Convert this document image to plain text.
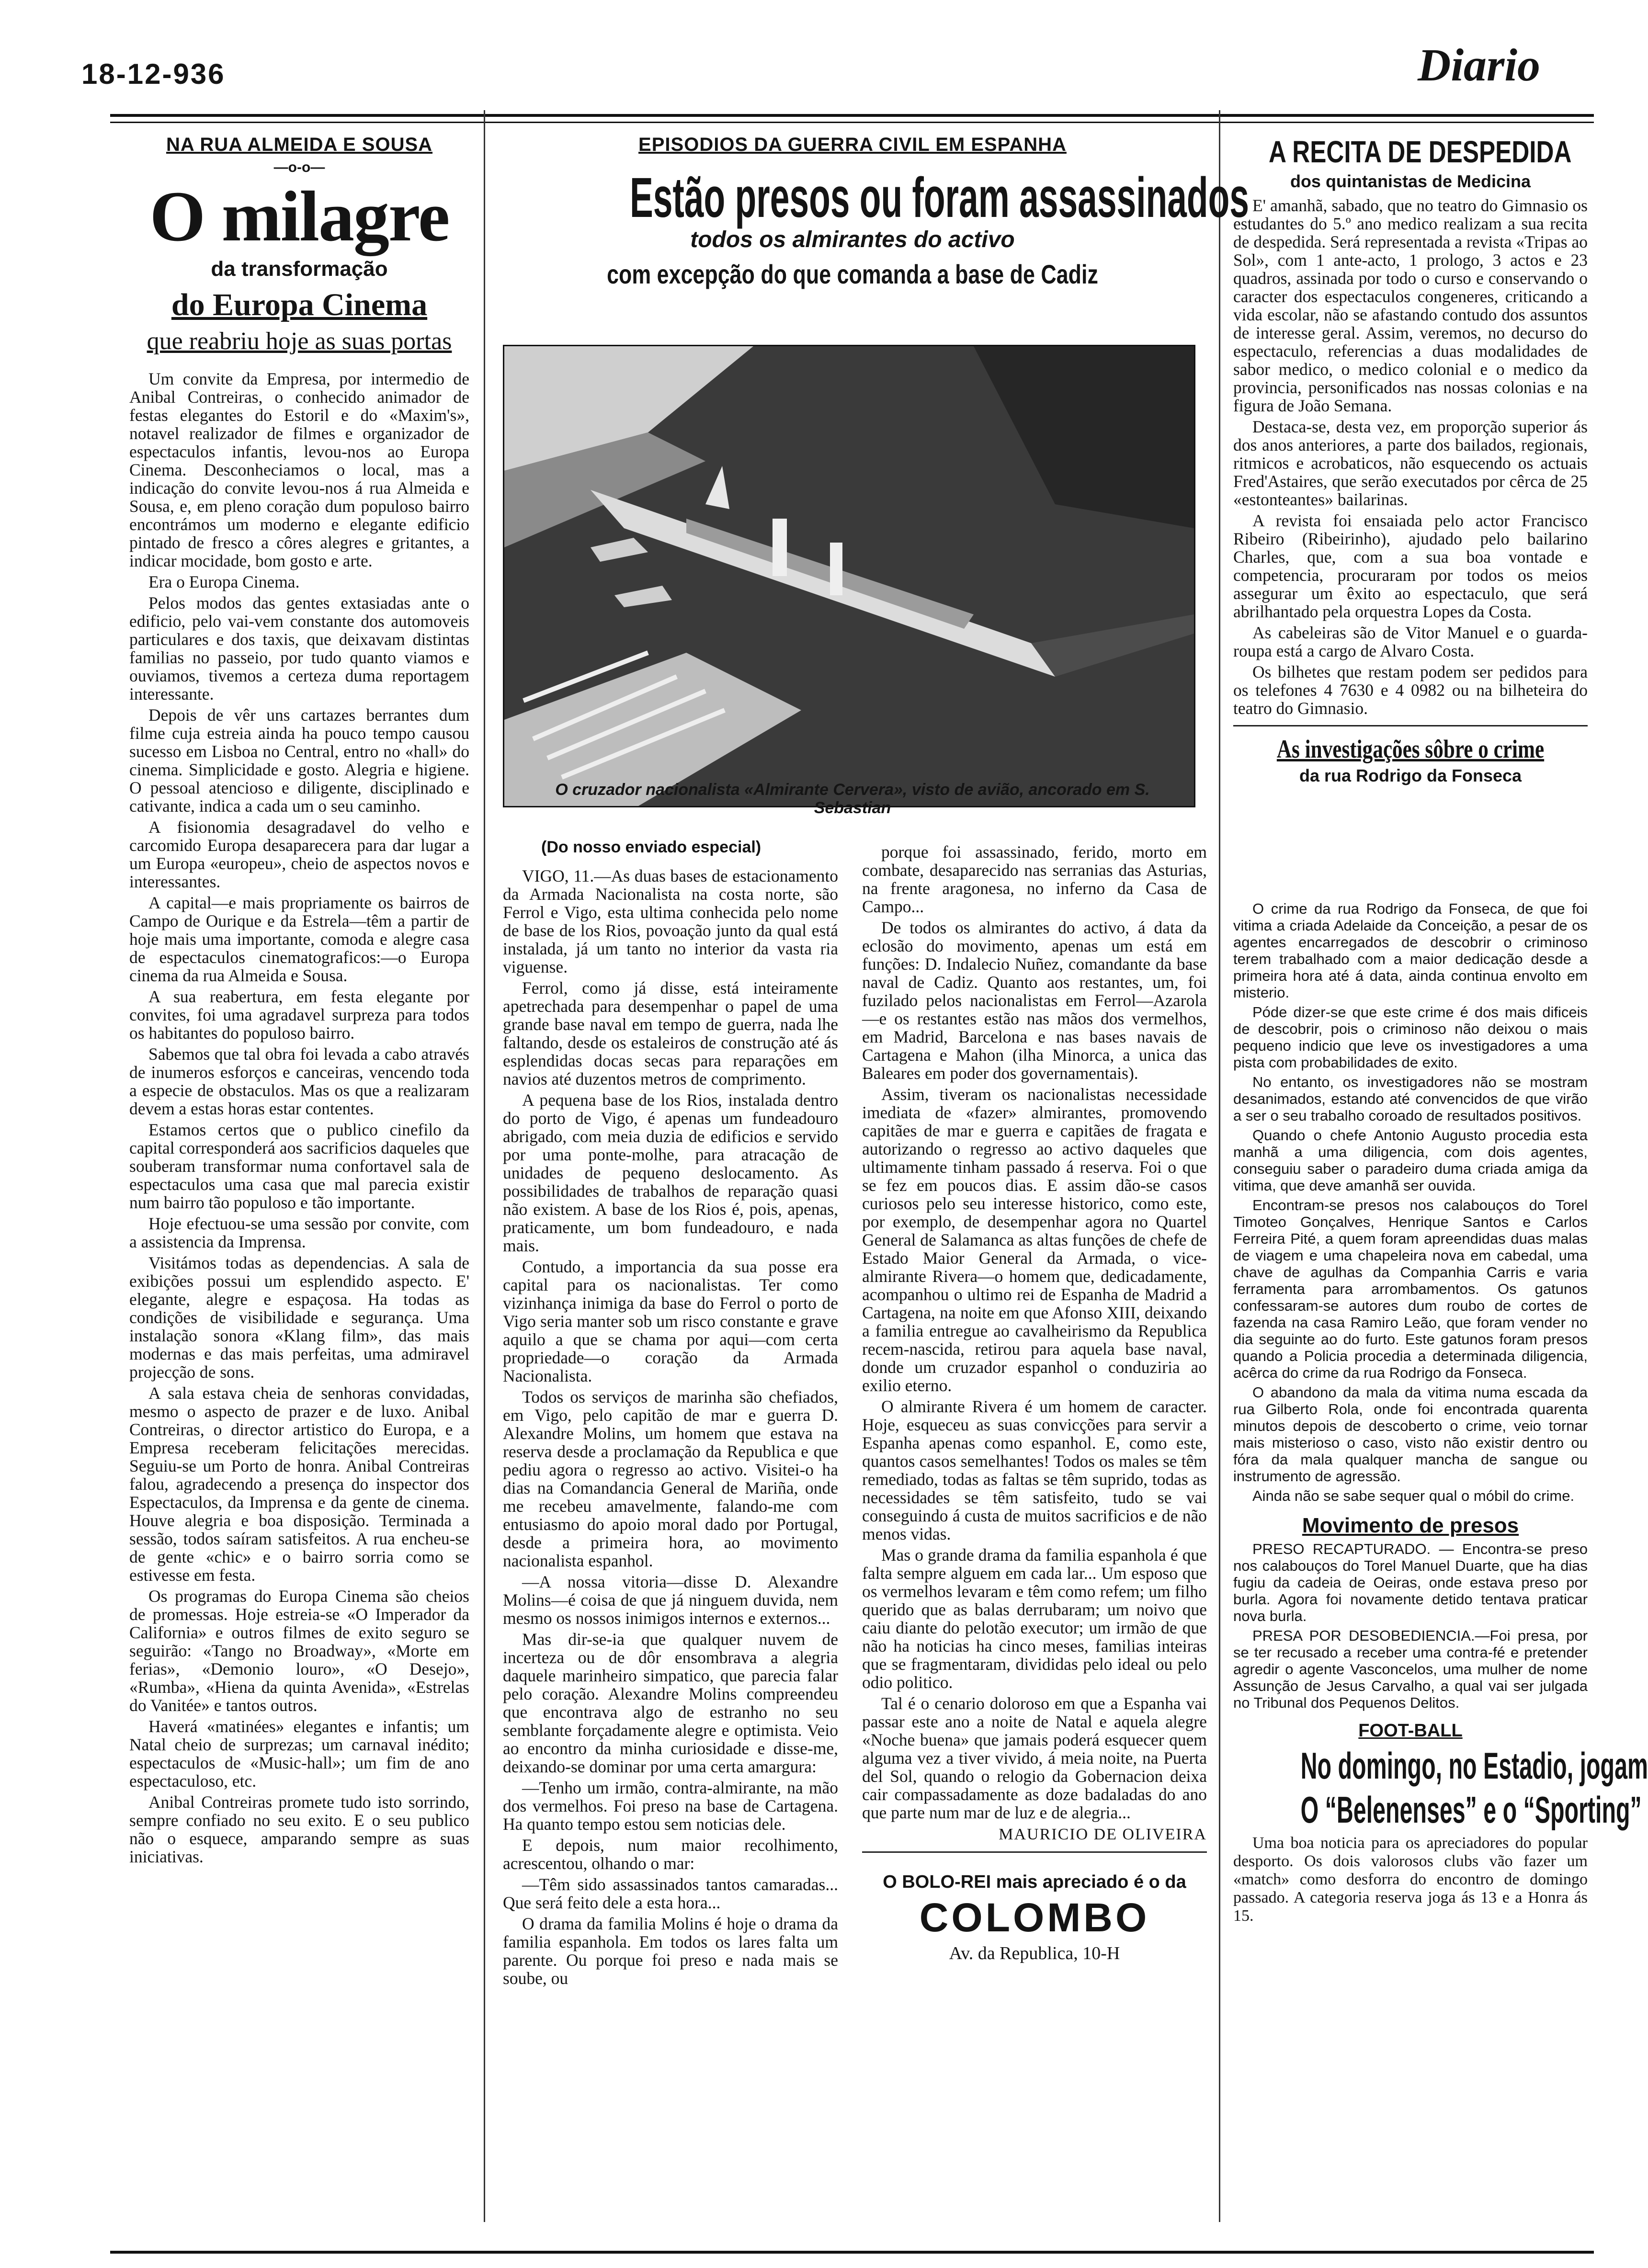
18-12-936	Diario
NA RUA ALMEIDA E SOUSA
—o-o—
O milagre
da transformação
do Europa Cinema
que reabriu hoje as suas portas

Um convite da Empresa, por intermedio de Anibal Contreiras, o conhecido animador de festas elegantes do Estoril e do «Maxim's», notavel realizador de filmes e organizador de espectaculos infantis, levou-nos ao Europa Cinema. Desconheciamos o local, mas a indicação do convite levou-nos á rua Almeida e Sousa, e, em pleno coração dum populoso bairro encontrámos um moderno e elegante edificio pintado de fresco a côres alegres e gritantes, a indicar mocidade, bom gosto e arte.

Era o Europa Cinema.

Pelos modos das gentes extasiadas ante o edificio, pelo vai-vem constante dos automoveis particulares e dos taxis, que deixavam distintas familias no passeio, por tudo quanto viamos e ouviamos, tivemos a certeza duma reportagem interessante.

Depois de vêr uns cartazes berrantes dum filme cuja estreia ainda ha pouco tempo causou sucesso em Lisboa no Central, entro no «hall» do cinema. Simplicidade e gosto. Alegria e higiene. O pessoal atencioso e diligente, disciplinado e cativante, indica a cada um o seu caminho.

A fisionomia desagradavel do velho e carcomido Europa desaparecera para dar lugar a um Europa «europeu», cheio de aspectos novos e interessantes.

A capital—e mais propriamente os bairros de Campo de Ourique e da Estrela—têm a partir de hoje mais uma importante, comoda e alegre casa de espectaculos cinematograficos:—o Europa cinema da rua Almeida e Sousa.

A sua reabertura, em festa elegante por convites, foi uma agradavel surpreza para todos os habitantes do populoso bairro.

Sabemos que tal obra foi levada a cabo através de inumeros esforços e canceiras, vencendo toda a especie de obstaculos. Mas os que a realizaram devem a estas horas estar contentes.

Estamos certos que o publico cinefilo da capital corresponderá aos sacrificios daqueles que souberam transformar numa confortavel sala de espectaculos uma casa que mal parecia existir num bairro tão populoso e tão importante.

Hoje efectuou-se uma sessão por convite, com a assistencia da Imprensa.

Visitámos todas as dependencias. A sala de exibições possui um esplendido aspecto. E' elegante, alegre e espaçosa. Ha todas as condições de visibilidade e segurança. Uma instalação sonora «Klang film», das mais modernas e das mais perfeitas, uma admiravel projecção de sons.

A sala estava cheia de senhoras convidadas, mesmo o aspecto de prazer e de luxo. Anibal Contreiras, o director artistico do Europa, e a Empresa receberam felicitações merecidas. Seguiu-se um Porto de honra. Anibal Contreiras falou, agradecendo a presença do inspector dos Espectaculos, da Imprensa e da gente de cinema. Houve alegria e boa disposição. Terminada a sessão, todos saíram satisfeitos. A rua encheu-se de gente «chic» e o bairro sorria como se estivesse em festa.

Os programas do Europa Cinema são cheios de promessas. Hoje estreia-se «O Imperador da California» e outros filmes de exito seguro se seguirão: «Tango no Broadway», «Morte em ferias», «Demonio louro», «O Desejo», «Rumba», «Hiena da quinta Avenida», «Estrelas do Vanitée» e tantos outros.

Haverá «matinées» elegantes e infantis; um Natal cheio de surprezas; um carnaval inédito; espectaculos de «Music-hall»; um fim de ano espectaculoso, etc.

Anibal Contreiras promete tudo isto sorrindo, sempre confiado no seu exito. E o seu publico não o esquece, amparando sempre as suas iniciativas.

EPISODIOS DA GUERRA CIVIL EM ESPANHA
Estão presos ou foram assassinados
todos os almirantes do activo
com excepção do que comanda a base de Cadiz
O cruzador nacionalista «Almirante Cervera», visto de avião, ancorado em S. Sebastian
(Do nosso enviado especial)

VIGO, 11.—As duas bases de estacionamento da Armada Nacionalista na costa norte, são Ferrol e Vigo, esta ultima conhecida pelo nome de base de los Rios, povoação junto da qual está instalada, já um tanto no interior da vasta ria viguense.

Ferrol, como já disse, está inteiramente apetrechada para desempenhar o papel de uma grande base naval em tempo de guerra, nada lhe faltando, desde os estaleiros de construção até ás esplendidas docas secas para reparações em navios até duzentos metros de comprimento.

A pequena base de los Rios, instalada dentro do porto de Vigo, é apenas um fundeadouro abrigado, com meia duzia de edificios e servido por uma ponte-molhe, para atracação de unidades de pequeno deslocamento. As possibilidades de trabalhos de reparação quasi não existem. A base de los Rios é, pois, apenas, praticamente, um bom fundeadouro, e nada mais.

Contudo, a importancia da sua posse era capital para os nacionalistas. Ter como vizinhança inimiga da base do Ferrol o porto de Vigo seria manter sob um risco constante e grave aquilo a que se chama por aqui—com certa propriedade—o coração da Armada Nacionalista.

Todos os serviços de marinha são chefiados, em Vigo, pelo capitão de mar e guerra D. Alexandre Molins, um homem que estava na reserva desde a proclamação da Republica e que pediu agora o regresso ao activo. Visitei-o ha dias na Comandancia General de Mariña, onde me recebeu amavelmente, falando-me com entusiasmo do apoio moral dado por Portugal, desde a primeira hora, ao movimento nacionalista espanhol.

—A nossa vitoria—disse D. Alexandre Molins—é coisa de que já ninguem duvida, nem mesmo os nossos inimigos internos e externos...

Mas dir-se-ia que qualquer nuvem de incerteza ou de dôr ensombrava a alegria daquele marinheiro simpatico, que parecia falar pelo coração. Alexandre Molins compreendeu que encontrava algo de estranho no seu semblante forçadamente alegre e optimista. Veio ao encontro da minha curiosidade e disse-me, deixando-se dominar por uma certa amargura:

—Tenho um irmão, contra-almirante, na mão dos vermelhos. Foi preso na base de Cartagena. Ha quanto tempo estou sem noticias dele.

E depois, num maior recolhimento, acrescentou, olhando o mar:

—Têm sido assassinados tantos camaradas... Que será feito dele a esta hora...

O drama da familia Molins é hoje o drama da familia espanhola. Em todos os lares falta um parente. Ou porque foi preso e nada mais se soube, ou

porque foi assassinado, ferido, morto em combate, desaparecido nas serranias das Asturias, na frente aragonesa, no inferno da Casa de Campo...

De todos os almirantes do activo, á data da eclosão do movimento, apenas um está em funções: D. Indalecio Nuñez, comandante da base naval de Cadiz. Quanto aos restantes, um, foi fuzilado pelos nacionalistas em Ferrol—Azarola—e os restantes estão nas mãos dos vermelhos, em Madrid, Barcelona e nas bases navais de Cartagena e Mahon (ilha Minorca, a unica das Baleares em poder dos governamentais).

Assim, tiveram os nacionalistas necessidade imediata de «fazer» almirantes, promovendo capitães de mar e guerra e capitães de fragata e autorizando o regresso ao activo daqueles que ultimamente tinham passado á reserva. Foi o que se fez em poucos dias. E assim dão-se casos curiosos pelo seu interesse historico, como este, por exemplo, de desempenhar agora no Quartel General de Salamanca as altas funções de chefe de Estado Maior General da Armada, o vice-almirante Rivera—o homem que, dedicadamente, acompanhou o ultimo rei de Espanha de Madrid a Cartagena, na noite em que Afonso XIII, deixando a familia entregue ao cavalheirismo da Republica recem-nascida, retirou para aquela base naval, donde um cruzador espanhol o conduziria ao exilio eterno.

O almirante Rivera é um homem de caracter. Hoje, esqueceu as suas convicções para servir a Espanha apenas como espanhol. E, como este, quantos casos semelhantes! Todos os males se têm remediado, todas as faltas se têm suprido, todas as necessidades se têm satisfeito, tudo se vai conseguindo á custa de muitos sacrificios e de não menos vidas.

Mas o grande drama da familia espanhola é que falta sempre alguem em cada lar... Um esposo que os vermelhos levaram e têm como refem; um filho querido que as balas derrubaram; um noivo que caiu diante do pelotão executor; um irmão de que não ha noticias ha cinco meses, familias inteiras que se fragmentaram, divididas pelo ideal ou pelo odio politico.

Tal é o cenario doloroso em que a Espanha vai passar este ano a noite de Natal e aquela alegre «Noche buena» que jamais poderá esquecer quem alguma vez a tiver vivido, á meia noite, na Puerta del Sol, quando o relogio da Gobernacion deixa cair compassadamente as doze badaladas do ano que parte num mar de luz e de alegria...

MAURICIO DE OLIVEIRA
O BOLO-REI mais apreciado é o da
COLOMBO
Av. da Republica, 10-H
A RECITA DE DESPEDIDA
dos quintanistas de Medicina

E' amanhã, sabado, que no teatro do Gimnasio os estudantes do 5.º ano medico realizam a sua recita de despedida. Será representada a revista «Tripas ao Sol», com 1 ante-acto, 1 prologo, 3 actos e 23 quadros, assinada por todo o curso e conservando o caracter dos espectaculos congeneres, criticando a vida escolar, não se afastando contudo dos assuntos de interesse geral. Assim, veremos, no decurso do espectaculo, referencias a duas modalidades de sabor medico, o medico colonial e o medico da provincia, personificados nas nossas colonias e na figura de João Semana.

Destaca-se, desta vez, em proporção superior ás dos anos anteriores, a parte dos bailados, regionais, ritmicos e acrobaticos, não esquecendo os actuais Fred'Astaires, que serão executados por cêrca de 25 «estonteantes» bailarinas.

A revista foi ensaiada pelo actor Francisco Ribeiro (Ribeirinho), ajudado pelo bailarino Charles, que, com a sua boa vontade e competencia, procuraram por todos os meios assegurar um êxito ao espectaculo, que será abrilhantado pela orquestra Lopes da Costa.

As cabeleiras são de Vitor Manuel e o guarda-roupa está a cargo de Alvaro Costa.

Os bilhetes que restam podem ser pedidos para os telefones 4 7630 e 4 0982 ou na bilheteira do teatro do Gimnasio.

As investigações sôbre o crime
da rua Rodrigo da Fonseca

O crime da rua Rodrigo da Fonseca, de que foi vitima a criada Adelaide da Conceição, a pesar de os agentes encarregados de descobrir o criminoso terem trabalhado com a maior dedicação desde a primeira hora até á data, ainda continua envolto em misterio.

Póde dizer-se que este crime é dos mais dificeis de descobrir, pois o criminoso não deixou o mais pequeno indicio que leve os investigadores a uma pista com probabilidades de exito.

No entanto, os investigadores não se mostram desanimados, estando até convencidos de que virão a ser o seu trabalho coroado de resultados positivos.

Quando o chefe Antonio Augusto procedia esta manhã a uma diligencia, com dois agentes, conseguiu saber o paradeiro duma criada amiga da vitima, que deve amanhã ser ouvida.

Encontram-se presos nos calabouços do Torel Timoteo Gonçalves, Henrique Santos e Carlos Ferreira Pité, a quem foram apreendidas duas malas de viagem e uma chapeleira nova em cabedal, uma chave de agulhas da Companhia Carris e varia ferramenta para arrombamentos. Os gatunos confessaram-se autores dum roubo de cortes de fazenda na casa Ramiro Leão, que foram vender no dia seguinte ao do furto. Este gatunos foram presos quando a Policia procedia a determinada diligencia, acêrca do crime da rua Rodrigo da Fonseca.

O abandono da mala da vitima numa escada da rua Gilberto Rola, onde foi encontrada quarenta minutos depois de descoberto o crime, veio tornar mais misterioso o caso, visto não existir dentro ou fóra da mala qualquer mancha de sangue ou instrumento de agressão.

Ainda não se sabe sequer qual o móbil do crime.

Movimento de presos

PRESO RECAPTURADO. — Encontra-se preso nos calabouços do Torel Manuel Duarte, que ha dias fugiu da cadeia de Oeiras, onde estava preso por burla. Agora foi novamente detido tentava praticar nova burla.

PRESA POR DESOBEDIENCIA.—Foi presa, por se ter recusado a receber uma contra-fé e pretender agredir o agente Vasconcelos, uma mulher de nome Assunção de Jesus Carvalho, a qual vai ser julgada no Tribunal dos Pequenos Delitos.

FOOT-BALL
No domingo, no Estadio, jogam
O “Belenenses” e o “Sporting”

Uma boa noticia para os apreciadores do popular desporto. Os dois valorosos clubs vão fazer um «match» como desforra do encontro de domingo passado. A categoria reserva joga ás 13 e a Honra ás 15.
